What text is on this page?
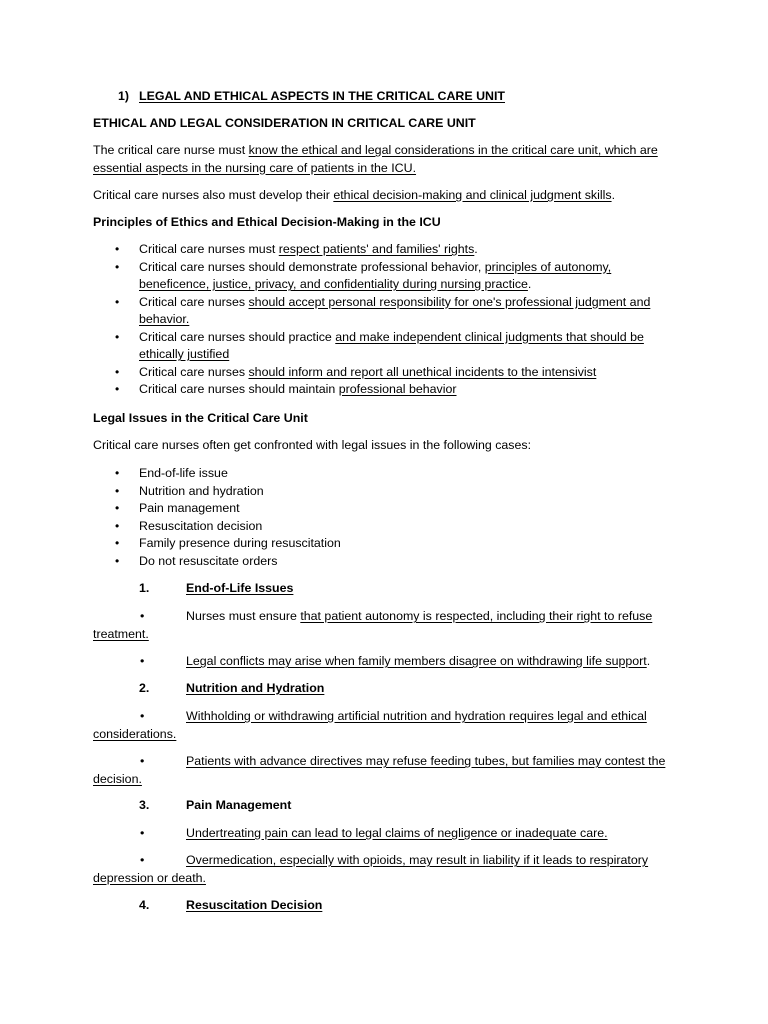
1) LEGAL AND ETHICAL ASPECTS IN THE CRITICAL CARE UNIT

ETHICAL AND LEGAL CONSIDERATION IN CRITICAL CARE UNIT

The critical care nurse must know the ethical and legal considerations in the critical care unit, which are essential aspects in the nursing care of patients in the ICU.

Critical care nurses also must develop their ethical decision-making and clinical judgment skills.

Principles of Ethics and Ethical Decision-Making in the ICU

• Critical care nurses must respect patients' and families' rights.
• Critical care nurses should demonstrate professional behavior, principles of autonomy, beneficence, justice, privacy, and confidentiality during nursing practice.
• Critical care nurses should accept personal responsibility for one's professional judgment and behavior.
• Critical care nurses should practice and make independent clinical judgments that should be ethically justified
• Critical care nurses should inform and report all unethical incidents to the intensivist
• Critical care nurses should maintain professional behavior

Legal Issues in the Critical Care Unit

Critical care nurses often get confronted with legal issues in the following cases:

• End-of-life issue
• Nutrition and hydration
• Pain management
• Resuscitation decision
• Family presence during resuscitation
• Do not resuscitate orders
1.	End-of-Life Issues

•	Nurses must ensure that patient autonomy is respected, including their right to refuse treatment.

•	Legal conflicts may arise when family members disagree on withdrawing life support.

2.	Nutrition and Hydration

•	Withholding or withdrawing artificial nutrition and hydration requires legal and ethical considerations.

•	Patients with advance directives may refuse feeding tubes, but families may contest the decision.

3.	Pain Management

•	Undertreating pain can lead to legal claims of negligence or inadequate care.

•	Overmedication, especially with opioids, may result in liability if it leads to respiratory depression or death.

4.	Resuscitation Decision
